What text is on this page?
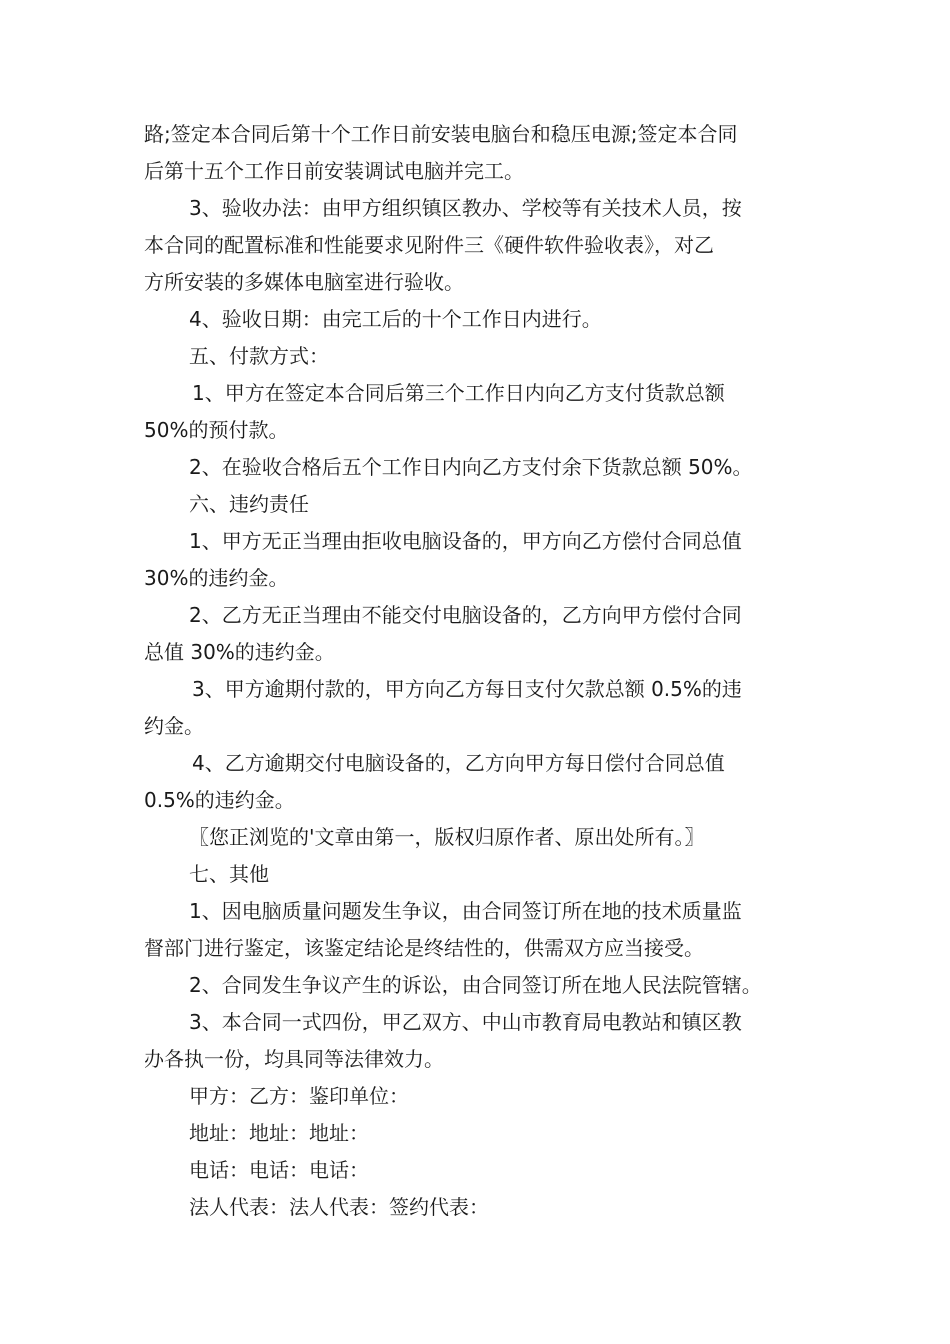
路;签定本合同后第十个工作日前安装电脑台和稳压电源;签定本合同

后第十五个工作日前安装调试电脑并完工。

3、验收办法：由甲方组织镇区教办、学校等有关技术人员，按

本合同的配置标准和性能要求见附件三《硬件软件验收表》，对乙

方所安装的多媒体电脑室进行验收。

4、验收日期：由完工后的十个工作日内进行。

五、付款方式：

1、甲方在签定本合同后第三个工作日内向乙方支付货款总额

50%的预付款。

2、在验收合格后五个工作日内向乙方支付余下货款总额 50%。

六、违约责任

1、甲方无正当理由拒收电脑设备的，甲方向乙方偿付合同总值

30%的违约金。

2、乙方无正当理由不能交付电脑设备的，乙方向甲方偿付合同

总值 30%的违约金。

3、甲方逾期付款的，甲方向乙方每日支付欠款总额 0.5%的违

约金。

4、乙方逾期交付电脑设备的，乙方向甲方每日偿付合同总值

0.5%的违约金。

〖您正浏览的'文章由第一，版权归原作者、原出处所有。〗

七、其他

1、因电脑质量问题发生争议，由合同签订所在地的技术质量监

督部门进行鉴定，该鉴定结论是终结性的，供需双方应当接受。

2、合同发生争议产生的诉讼，由合同签订所在地人民法院管辖。

3、本合同一式四份，甲乙双方、中山市教育局电教站和镇区教

办各执一份，均具同等法律效力。

甲方：乙方：鉴印单位：

地址：地址：地址：

电话：电话：电话：

法人代表：法人代表：签约代表：
